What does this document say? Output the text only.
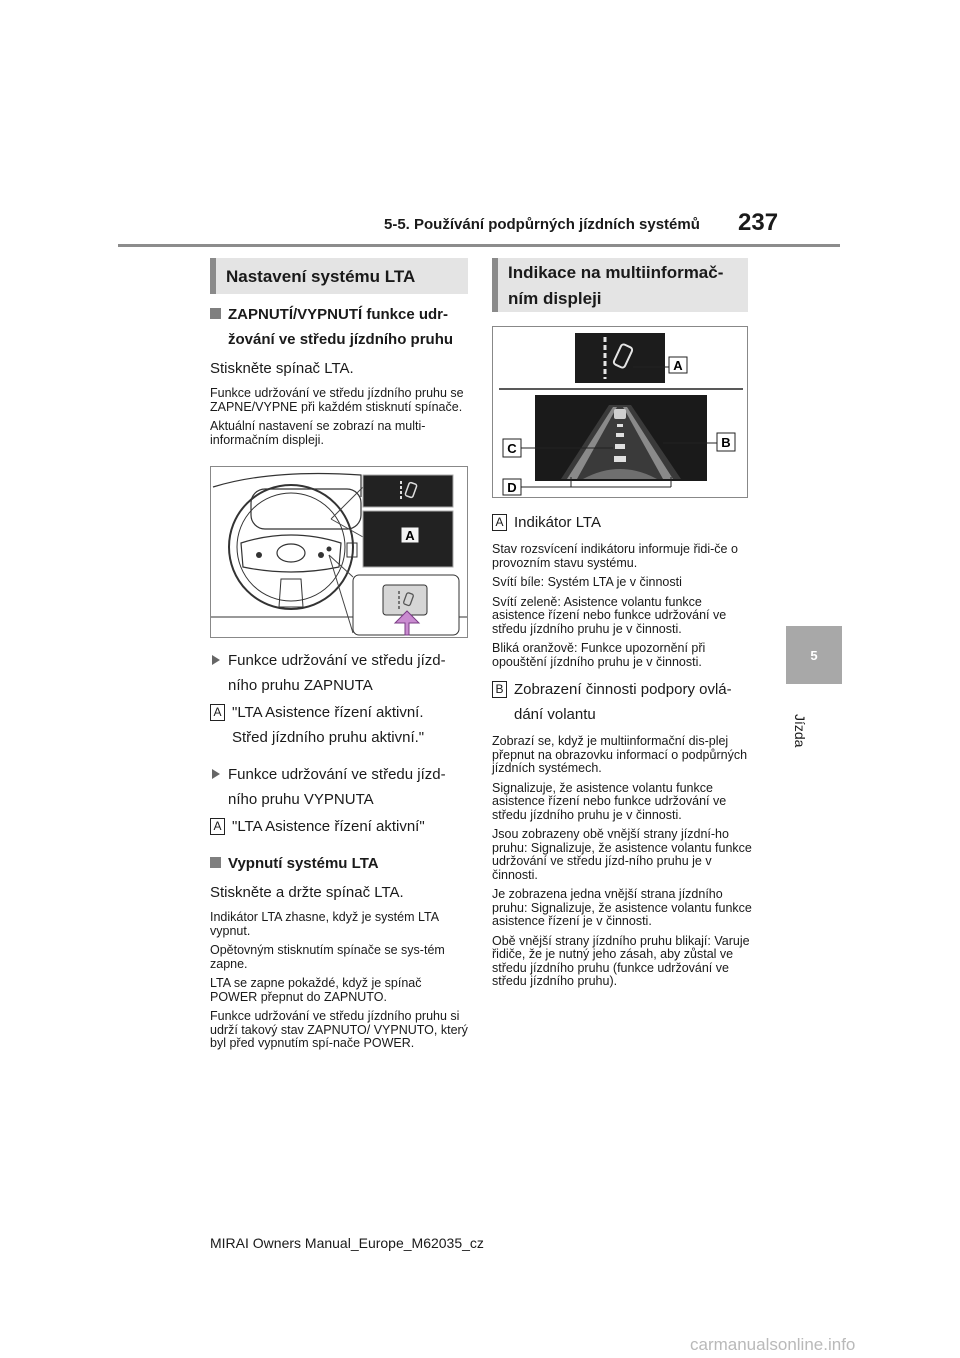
5-5. Používání podpůrných jízdních systémů 237
5
Jízda
Nastavení systému LTA	Indikace na multiinformač-ním displeji
ZAPNUTÍ/VYPNUTÍ funkce udr-žování ve středu jízdního pruhu
Stiskněte spínač LTA.

Funkce udržování ve středu jízdního pruhu se ZAPNE/VYPNE při každém stisknutí spínače.

Aktuální nastavení se zobrazí na multi-informačním displeji.

A
Funkce udržování ve středu jízd-ního pruhu ZAPNUTA
A "LTA Asistence řízení aktivní.

Střed jízdního pruhu aktivní."

Funkce udržování ve středu jízd-ního pruhu VYPNUTA
A "LTA Asistence řízení aktivní"
Vypnutí systému LTA
Stiskněte a držte spínač LTA.

Indikátor LTA zhasne, když je systém LTA vypnut.

Opětovným stisknutím spínače se sys-tém zapne.

LTA se zapne pokaždé, když je spínač POWER přepnut do ZAPNUTO.

Funkce udržování ve středu jízdního pruhu si udrží takový stav ZAPNUTO/ VYPNUTO, který byl před vypnutím spí-nače POWER.

A
B
C
D
A Indikátor LTA

Stav rozsvícení indikátoru informuje řidi-če o provozním stavu systému.

Svítí bíle: Systém LTA je v činnosti

Svítí zeleně: Asistence volantu funkce asistence řízení nebo funkce udržování ve středu jízdního pruhu je v činnosti.

Bliká oranžově: Funkce upozornění při opouštění jízdního pruhu je v činnosti.

B Zobrazení činnosti podpory ovlá-

dání volantu

Zobrazí se, když je multiinformační dis-plej přepnut na obrazovku informací o podpůrných jízdních systémech.

Signalizuje, že asistence volantu funkce asistence řízení nebo funkce udržování ve středu jízdního pruhu je v činnosti.

Jsou zobrazeny obě vnější strany jízdní-ho pruhu: Signalizuje, že asistence volantu funkce udržování ve středu jízd-ního pruhu je v činnosti.

Je zobrazena jedna vnější strana jízdního pruhu: Signalizuje, že asistence volantu funkce asistence řízení je v činnosti.

Obě vnější strany jízdního pruhu blikají: Varuje řidiče, že je nutný jeho zásah, aby zůstal ve středu jízdního pruhu (funkce udržování ve středu jízdního pruhu).

MIRAI Owners Manual_Europe_M62035_cz
carmanualsonline.info
